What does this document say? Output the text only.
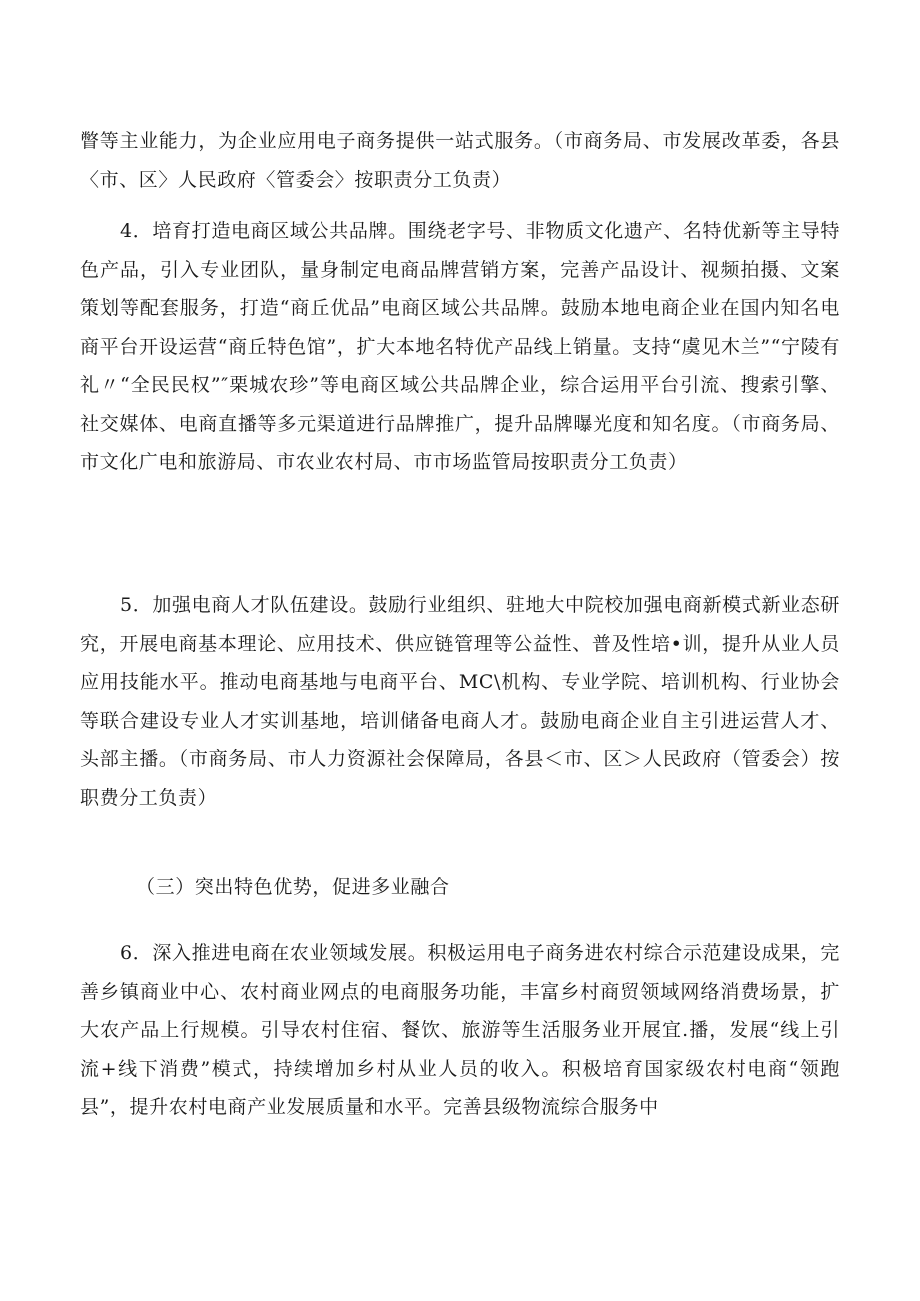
瞥等主业能力，为企业应用电子商务提供一站式服务。（市商务局、市发展改革委，各县〈市、区〉人民政府〈管委会〉按职责分工负责）

4．培育打造电商区域公共品牌。围绕老字号、非物质文化遗产、名特优新等主导特色产品，引入专业团队，量身制定电商品牌营销方案，完善产品设计、视频拍摄、文案策划等配套服务，打造“商丘优品”电商区域公共品牌。鼓励本地电商企业在国内知名电商平台开设运营“商丘特色馆”，扩大本地名特优产品线上销量。支持“虞见木兰”“宁陵有礼〃“全民民权”″栗城农珍”等电商区域公共品牌企业，综合运用平台引流、搜索引擎、社交媒体、电商直播等多元渠道进行品牌推广，提升品牌曝光度和知名度。（市商务局、市文化广电和旅游局、市农业农村局、市市场监管局按职责分工负责）

5．加强电商人才队伍建设。鼓励行业组织、驻地大中院校加强电商新模式新业态研究，开展电商基本理论、应用技术、供应链管理等公益性、普及性培•训，提升从业人员应用技能水平。推动电商基地与电商平台、MC\机构、专业学院、培训机构、行业协会等联合建设专业人才实训基地，培训储备电商人才。鼓励电商企业自主引进运营人才、头部主播。（市商务局、市人力资源社会保障局，各县＜市、区＞人民政府（管委会）按职费分工负责）

（三）突出特色优势，促进多业融合

6．深入推进电商在农业领域发展。积极运用电子商务进农村综合示范建设成果，完善乡镇商业中心、农村商业网点的电商服务功能，丰富乡村商贸领域网络消费场景，扩大农产品上行规模。引导农村住宿、餐饮、旅游等生活服务业开展宜.播，发展“线上引流+线下消费”模式，持续增加乡村从业人员的收入。积极培育国家级农村电商“领跑县”，提升农村电商产业发展质量和水平。完善县级物流综合服务中
